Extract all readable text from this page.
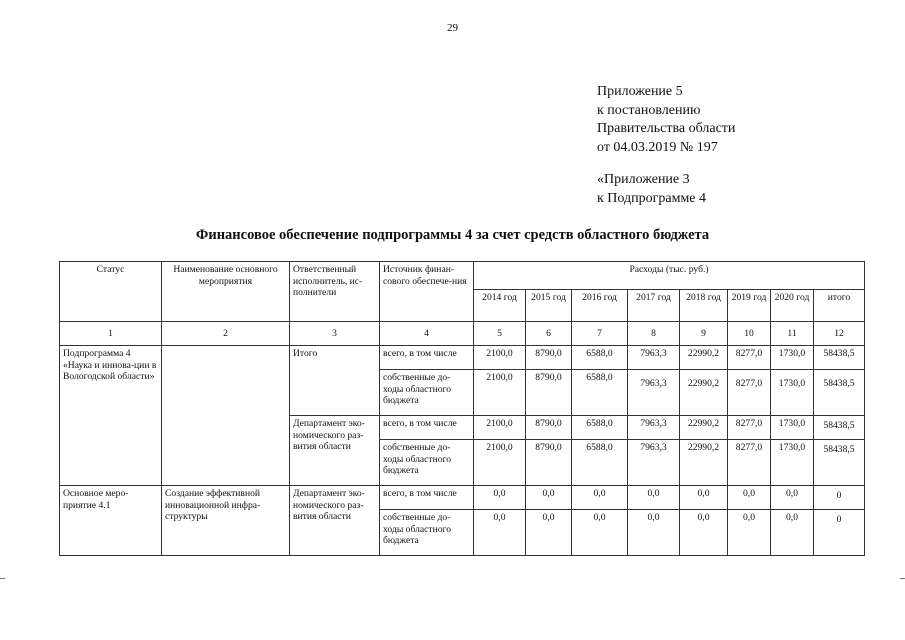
29
Приложение 5
к постановлению
Правительства области
от 04.03.2019 № 197
«Приложение 3
к Подпрограмме 4
Финансовое обеспечение подпрограммы 4 за счет средств областного бюджета
Статус	Наименование основного мероприятия	Ответственный исполнитель, ис-полнители	Источник финан-сового обеспече-ния	Расходы (тыс. руб.)							
				2014 год	2015 год	2016 год	2017 год	2018 год	2019 год	2020 год	итого
1	2	3	4	5	6	7	8	9	10	11	12
Подпрограмма 4 «Наука и иннова-ции в Вологодской области»		Итого	всего, в том числе	2100,0	8790,0	6588,0	7963,3	22990,2	8277,0	1730,0	58438,5
			собственные до-ходы областного бюджета	2100,0	8790,0	6588,0	7963,3	22990,2	8277,0	1730,0	58438,5
		Департамент эко-номического раз-вития области	всего, в том числе	2100,0	8790,0	6588,0	7963,3	22990,2	8277,0	1730,0	58438,5
			собственные до-ходы областного бюджета	2100,0	8790,0	6588,0	7963,3	22990,2	8277,0	1730,0	58438,5
Основное меро-приятие 4.1	Создание эффективной инновационной инфра-структуры	Департамент эко-номического раз-вития области	всего, в том числе	0,0	0,0	0,0	0,0	0,0	0,0	0,0	0
			собственные до-ходы областного бюджета	0,0	0,0	0,0	0,0	0,0	0,0	0,0	0
